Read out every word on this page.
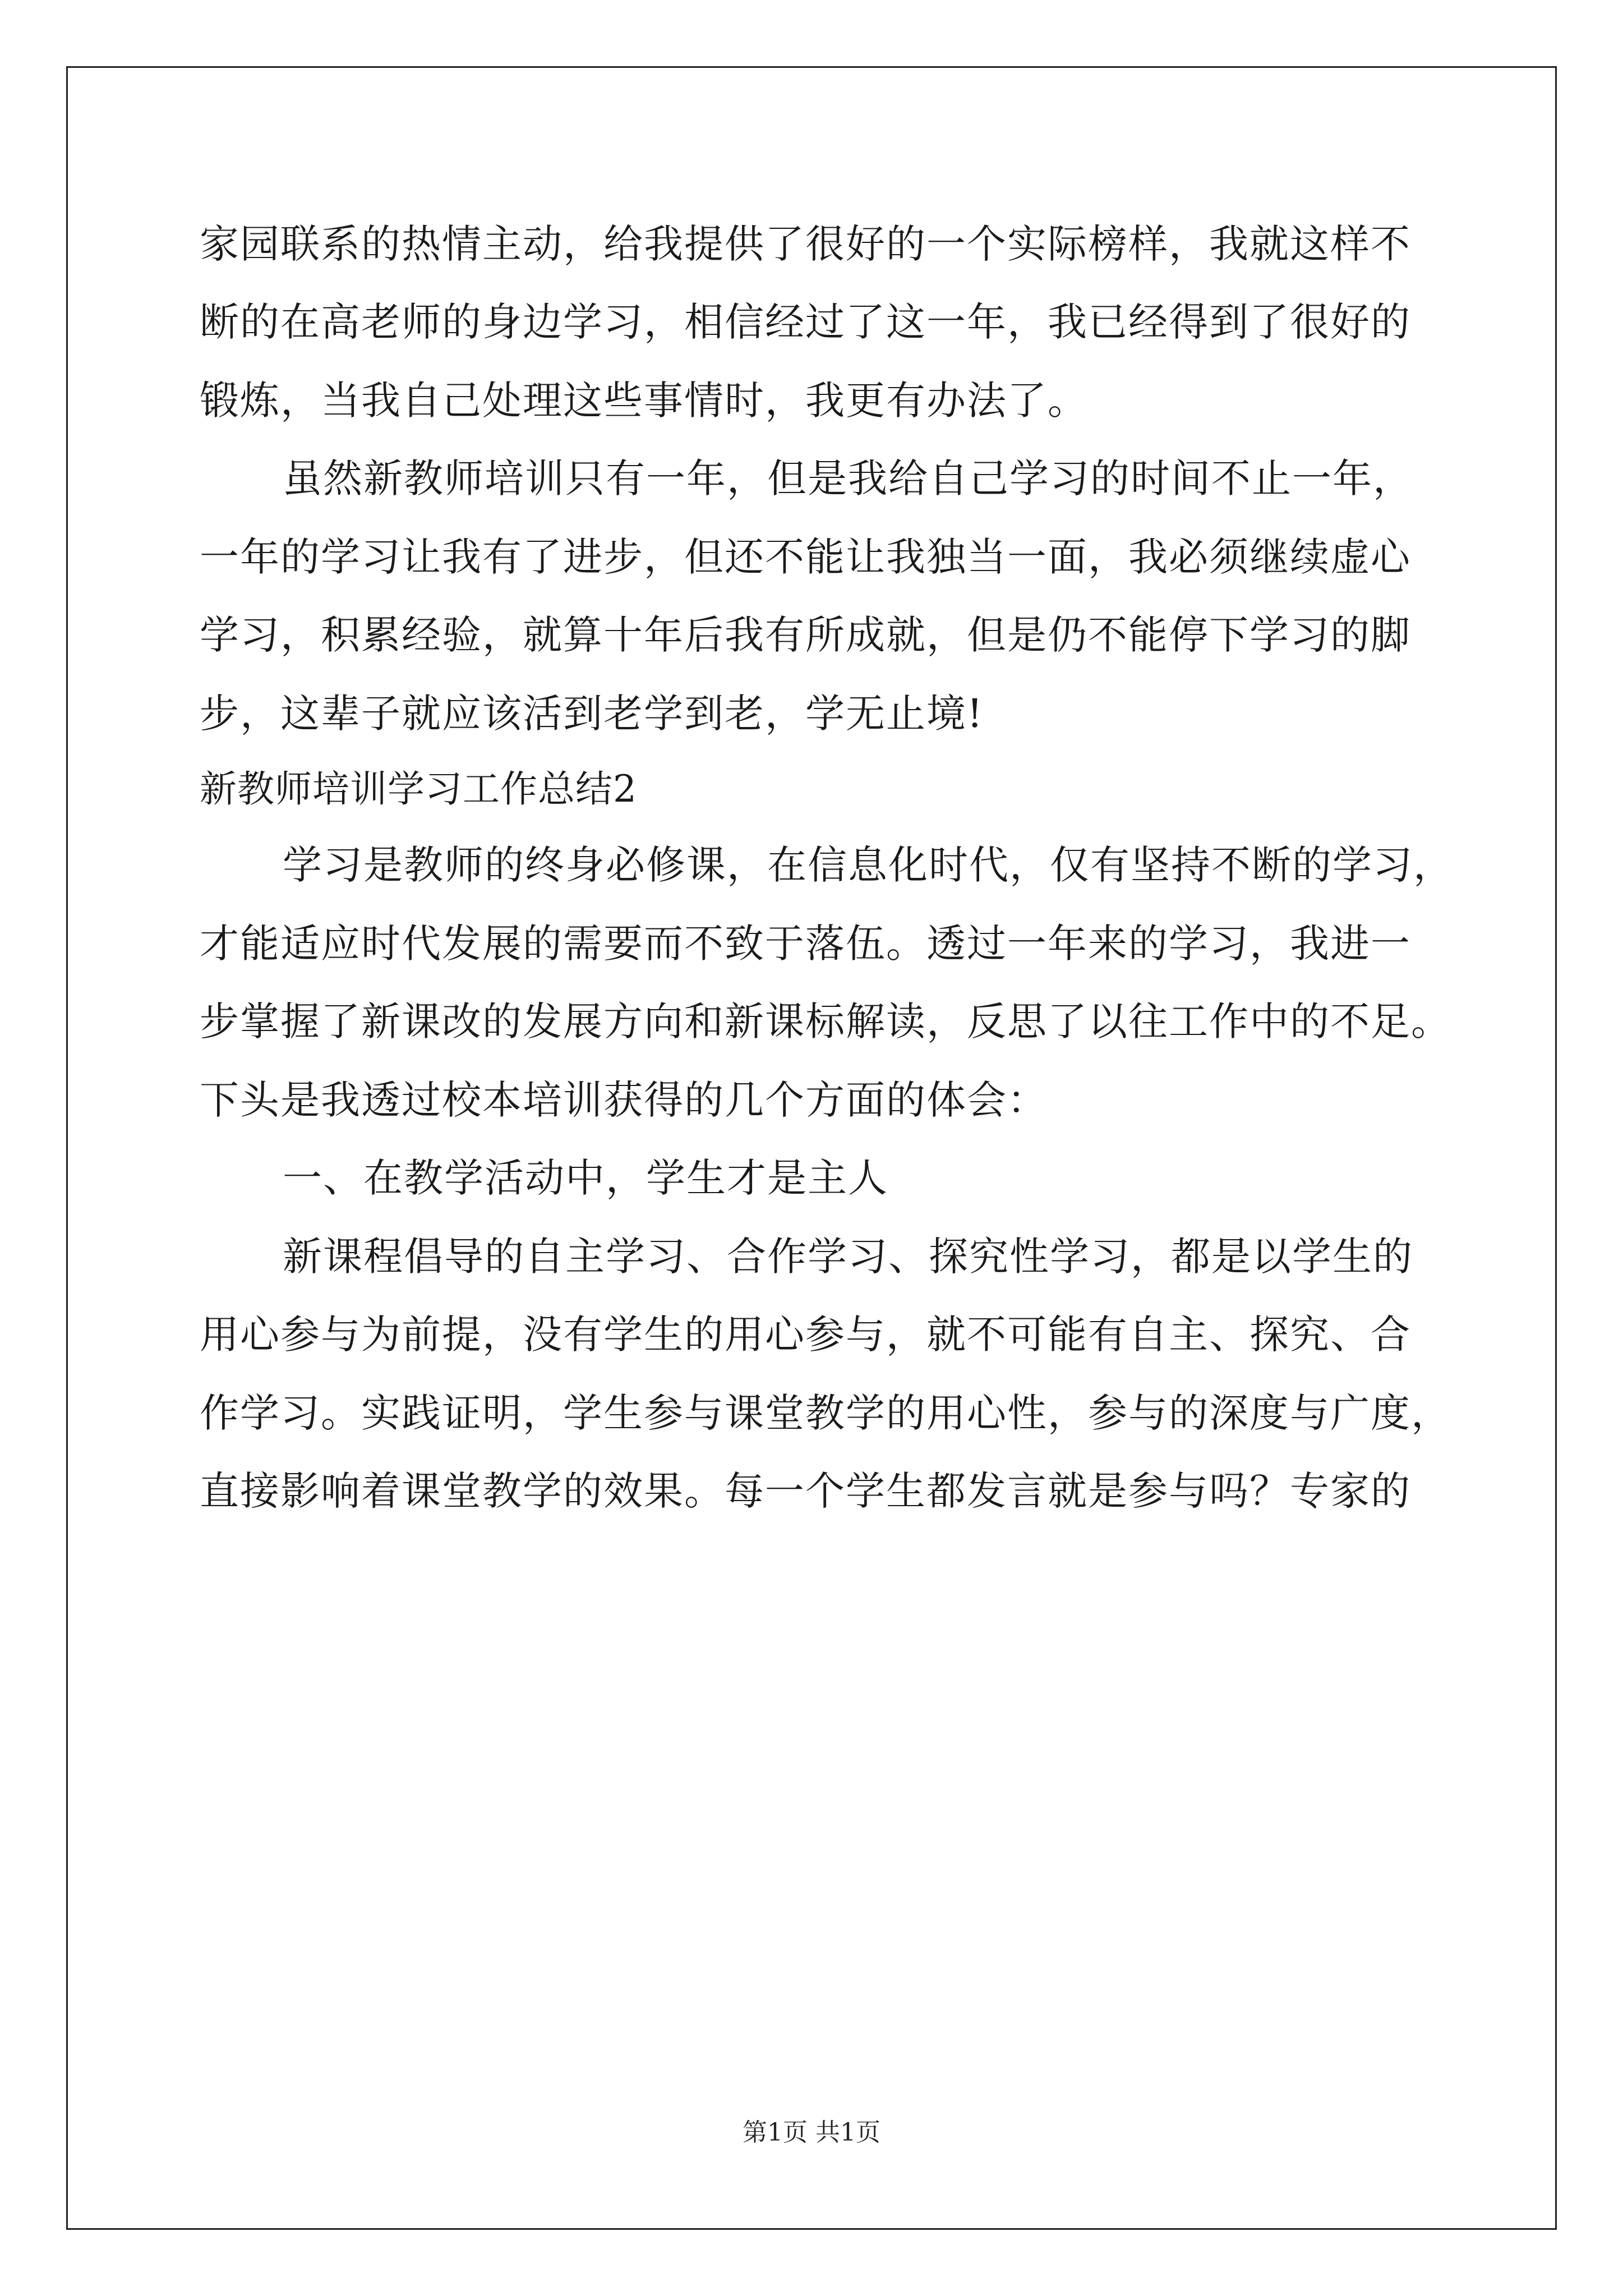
家园联系的热情主动，给我提供了很好的一个实际榜样，我就这样不
断的在高老师的身边学习，相信经过了这一年，我已经得到了很好的
锻炼，当我自己处理这些事情时，我更有办法了。
虽然新教师培训只有一年，但是我给自己学习的时间不止一年，
一年的学习让我有了进步，但还不能让我独当一面，我必须继续虚心
学习，积累经验，就算十年后我有所成就，但是仍不能停下学习的脚
步，这辈子就应该活到老学到老，学无止境!
新教师培训学习工作总结2
学习是教师的终身必修课，在信息化时代，仅有坚持不断的学习，
才能适应时代发展的需要而不致于落伍。透过一年来的学习，我进一
步掌握了新课改的发展方向和新课标解读，反思了以往工作中的不足。
下头是我透过校本培训获得的几个方面的体会：
一、在教学活动中，学生才是主人
新课程倡导的自主学习、合作学习、探究性学习，都是以学生的
用心参与为前提，没有学生的用心参与，就不可能有自主、探究、合
作学习。实践证明，学生参与课堂教学的用心性，参与的深度与广度，
直接影响着课堂教学的效果。每一个学生都发言就是参与吗？专家的
第1页 共1页
